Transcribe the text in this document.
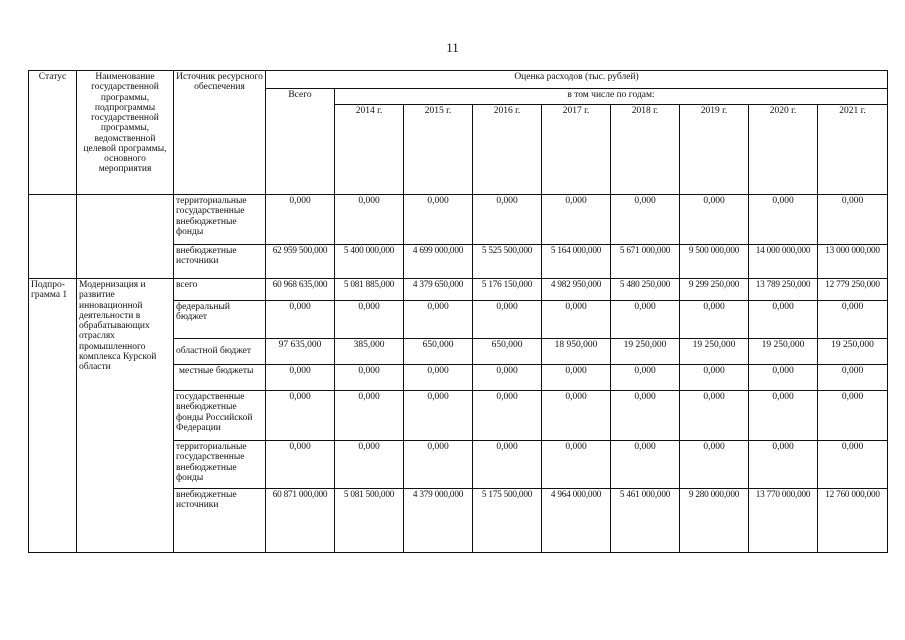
11
Статус	Наименование государственной программы, подпрограммы государственной программы, ведомственной целевой программы, основного мероприятия	Источник ресурсного обеспечения	Оценка расходов (тыс. рублей)								
			Всего	в том числе по годам:							
				2014 г.	2015 г.	2016 г.	2017 г.	2018 г.	2019 г.	2020 г.	2021 г.
		территориальные государственные внебюджетные фонды	0,000	0,000	0,000	0,000	0,000	0,000	0,000	0,000	0,000
		внебюджетные источники	62 959 500,000	5 400 000,000	4 699 000,000	5 525 500,000	5 164 000,000	5 671 000,000	9 500 000,000	14 000 000,000	13 000 000,000
Подпро-грамма 1	Модернизация и развитие инновационной деятельности в обрабатывающих отраслях промышленного комплекса Курской области	всего	60 968 635,000	5 081 885,000	4 379 650,000	5 176 150,000	4 982 950,000	5 480 250,000	9 299 250,000	13 789 250,000	12 779 250,000
		федеральный бюджет	0,000	0,000	0,000	0,000	0,000	0,000	0,000	0,000	0,000
		областной бюджет	97 635,000	385,000	650,000	650,000	18 950,000	19 250,000	19 250,000	19 250,000	19 250,000
		местные бюджеты	0,000	0,000	0,000	0,000	0,000	0,000	0,000	0,000	0,000
		государственные внебюджетные фонды Российской Федерации	0,000	0,000	0,000	0,000	0,000	0,000	0,000	0,000	0,000
		территориальные государственные внебюджетные фонды	0,000	0,000	0,000	0,000	0,000	0,000	0,000	0,000	0,000
		внебюджетные источники	60 871 000,000	5 081 500,000	4 379 000,000	5 175 500,000	4 964 000,000	5 461 000,000	9 280 000,000	13 770 000,000	12 760 000,000
